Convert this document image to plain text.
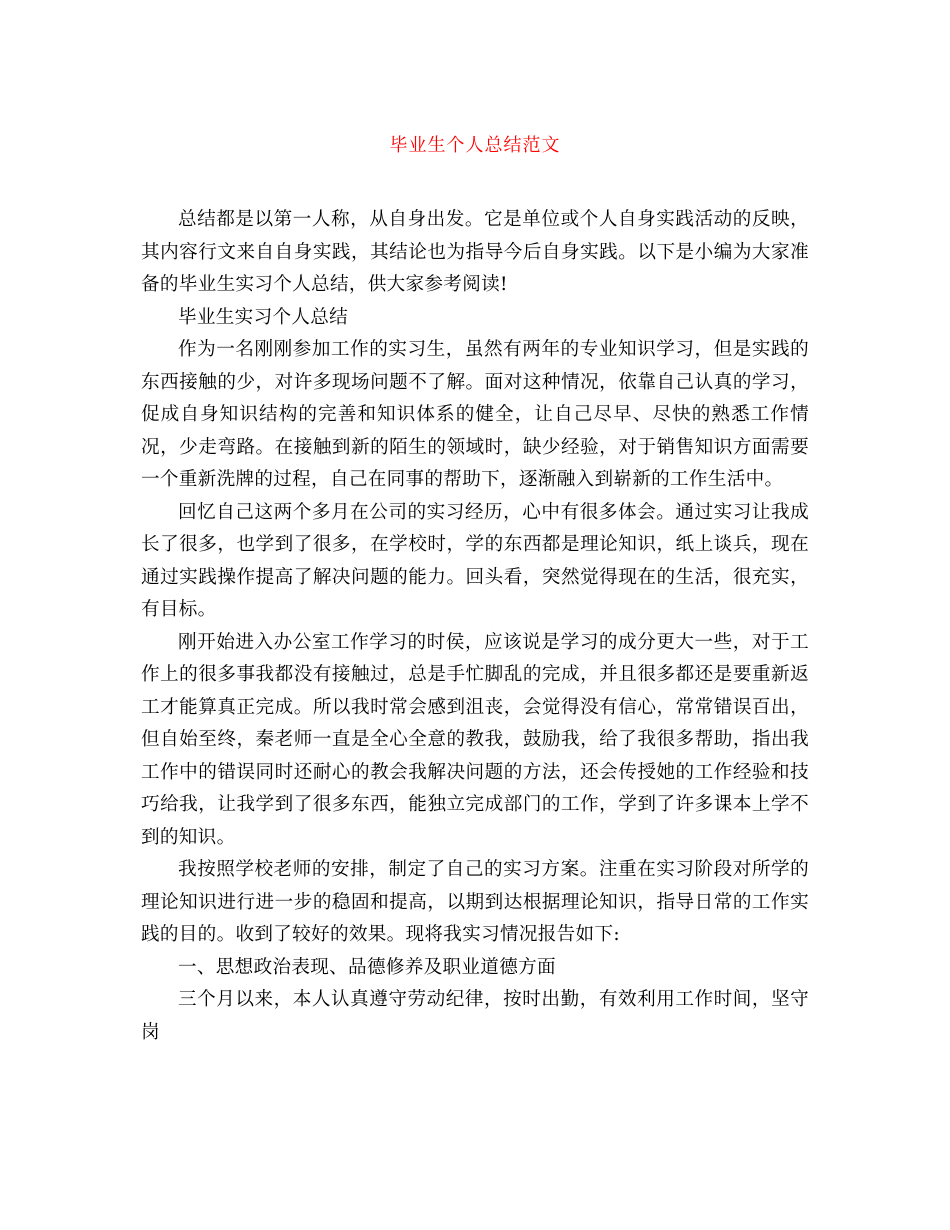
毕业生个人总结范文

总结都是以第一人称，从自身出发。它是单位或个人自身实践活动的反映，其内容行文来自自身实践，其结论也为指导今后自身实践。以下是小编为大家准备的毕业生实习个人总结，供大家参考阅读!

毕业生实习个人总结

作为一名刚刚参加工作的实习生，虽然有两年的专业知识学习，但是实践的东西接触的少，对许多现场问题不了解。面对这种情况，依靠自己认真的学习，促成自身知识结构的完善和知识体系的健全，让自己尽早、尽快的熟悉工作情况，少走弯路。在接触到新的陌生的领域时，缺少经验，对于销售知识方面需要一个重新洗牌的过程，自己在同事的帮助下，逐渐融入到崭新的工作生活中。

回忆自己这两个多月在公司的实习经历，心中有很多体会。通过实习让我成长了很多，也学到了很多，在学校时，学的东西都是理论知识，纸上谈兵，现在通过实践操作提高了解决问题的能力。回头看，突然觉得现在的生活，很充实，有目标。

刚开始进入办公室工作学习的时侯，应该说是学习的成分更大一些，对于工作上的很多事我都没有接触过，总是手忙脚乱的完成，并且很多都还是要重新返工才能算真正完成。所以我时常会感到沮丧，会觉得没有信心，常常错误百出，但自始至终，秦老师一直是全心全意的教我，鼓励我，给了我很多帮助，指出我工作中的错误同时还耐心的教会我解决问题的方法，还会传授她的工作经验和技巧给我，让我学到了很多东西，能独立完成部门的工作，学到了许多课本上学不到的知识。

我按照学校老师的安排，制定了自己的实习方案。注重在实习阶段对所学的理论知识进行进一步的稳固和提高，以期到达根据理论知识，指导日常的工作实践的目的。收到了较好的效果。现将我实习情况报告如下:

一、思想政治表现、品德修养及职业道德方面

三个月以来，本人认真遵守劳动纪律，按时出勤，有效利用工作时间，坚守岗
